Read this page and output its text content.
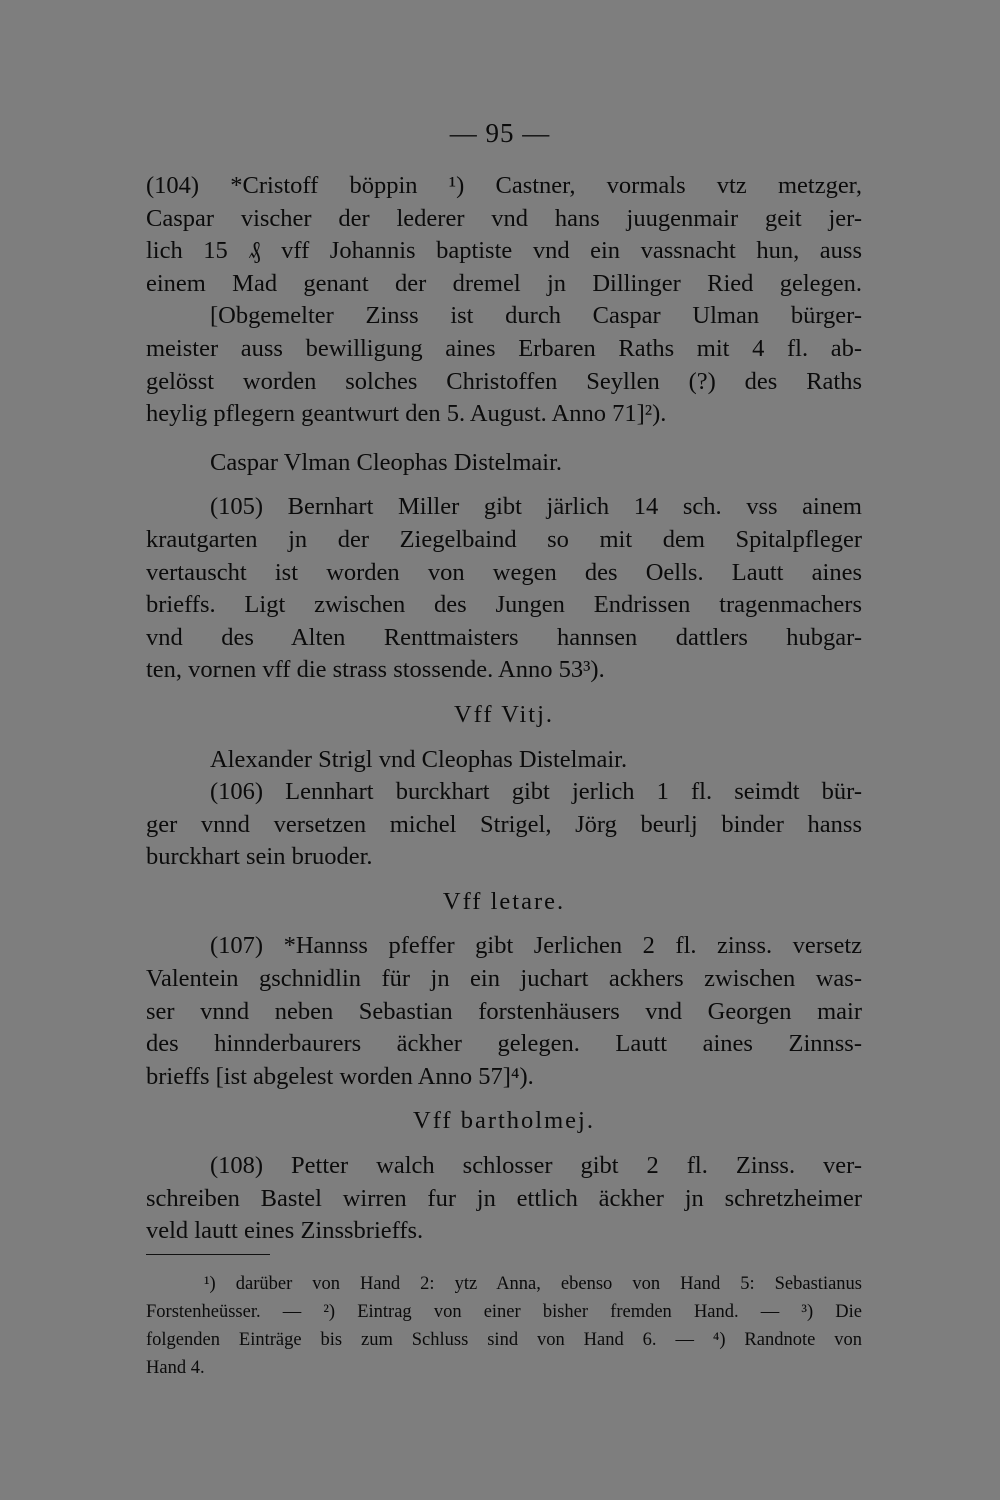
— 95 —
(104) *Cristoff böppin ¹) Castner, vormals vtz metzger,
Caspar vischer der lederer vnd hans juugenmair geit jer-
lich 15 ₰ vff Johannis baptiste vnd ein vassnacht hun, auss
einem Mad genant der dremel jn Dillinger Ried gelegen.
[Obgemelter Zinss ist durch Caspar Ulman bürger-
meister auss bewilligung aines Erbaren Raths mit 4 fl. ab-
gelösst worden solches Christoffen Seyllen (?) des Raths
heylig pflegern geantwurt den 5. August. Anno 71]²).
Caspar Vlman Cleophas Distelmair.
(105) Bernhart Miller gibt järlich 14 sch. vss ainem
krautgarten jn der Ziegelbaind so mit dem Spitalpfleger
vertauscht ist worden von wegen des Oells. Lautt aines
brieffs. Ligt zwischen des Jungen Endrissen tragenmachers
vnd des Alten Renttmaisters hannsen dattlers hubgar-
ten, vornen vff die strass stossende. Anno 53³).
Vff Vitj.
Alexander Strigl vnd Cleophas Distelmair.
(106) Lennhart burckhart gibt jerlich 1 fl. seimdt bür-
ger vnnd versetzen michel Strigel, Jörg beurlj binder hanss
burckhart sein bruoder.
Vff letare.
(107) *Hannss pfeffer gibt Jerlichen 2 fl. zinss. versetz
Valentein gschnidlin für jn ein juchart ackhers zwischen was-
ser vnnd neben Sebastian forstenhäusers vnd Georgen mair
des hinnderbaurers äckher gelegen. Lautt aines Zinnss-
brieffs [ist abgelest worden Anno 57]⁴).
Vff bartholmej.
(108) Petter walch schlosser gibt 2 fl. Zinss. ver-
schreiben Bastel wirren fur jn ettlich äckher jn schretzheimer
veld lautt eines Zinssbrieffs.
¹) darüber von Hand 2: ytz Anna, ebenso von Hand 5: Sebastianus
Forstenheüsser. — ²) Eintrag von einer bisher fremden Hand. — ³) Die
folgenden Einträge bis zum Schluss sind von Hand 6. — ⁴) Randnote von
Hand 4.
